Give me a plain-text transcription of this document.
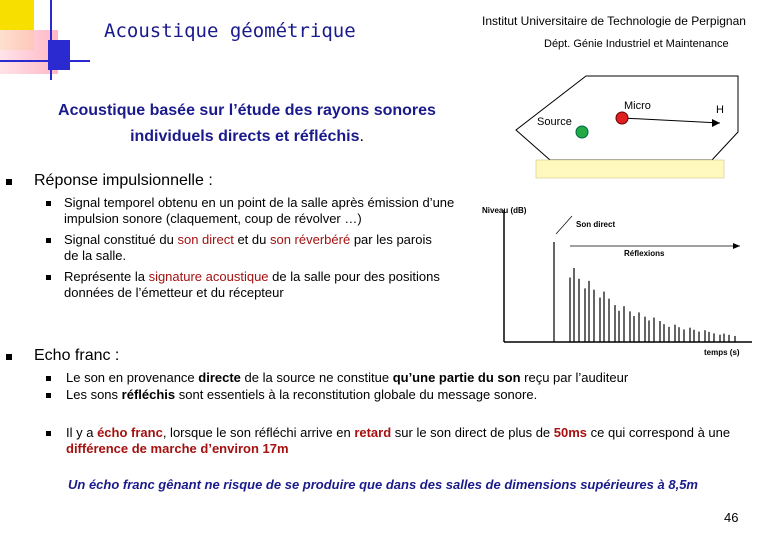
Acoustique géométrique	Institut Universitaire de Technologie de Perpignan
Dépt. Génie Industriel et Maintenance
Acoustique basée sur l’étude des rayons sonores
individuels directs et réfléchis.
Micro
Source
H
Réponse impulsionnelle :
Signal temporel obtenu en un point de la salle après émission d’une impulsion sonore (claquement, coup de révolver …)
Signal constitué du son direct et du son réverbéré par les parois de la salle.
Représente la signature acoustique de la salle pour des positions données de l’émetteur et du récepteur
Niveau (dB)
Son direct
Réflexions
temps (s)
Echo franc :
Le son en provenance directe de la source ne constitue qu’une partie du son reçu par l’auditeur
Les sons réfléchis sont essentiels à la reconstitution globale du message sonore.
Il y a écho franc, lorsque le son réfléchi arrive en retard sur le son direct de plus de 50ms ce qui correspond à une différence de marche d’environ 17m
Un écho franc gênant ne risque de se produire que dans des salles de dimensions supérieures à 8,5m
46
